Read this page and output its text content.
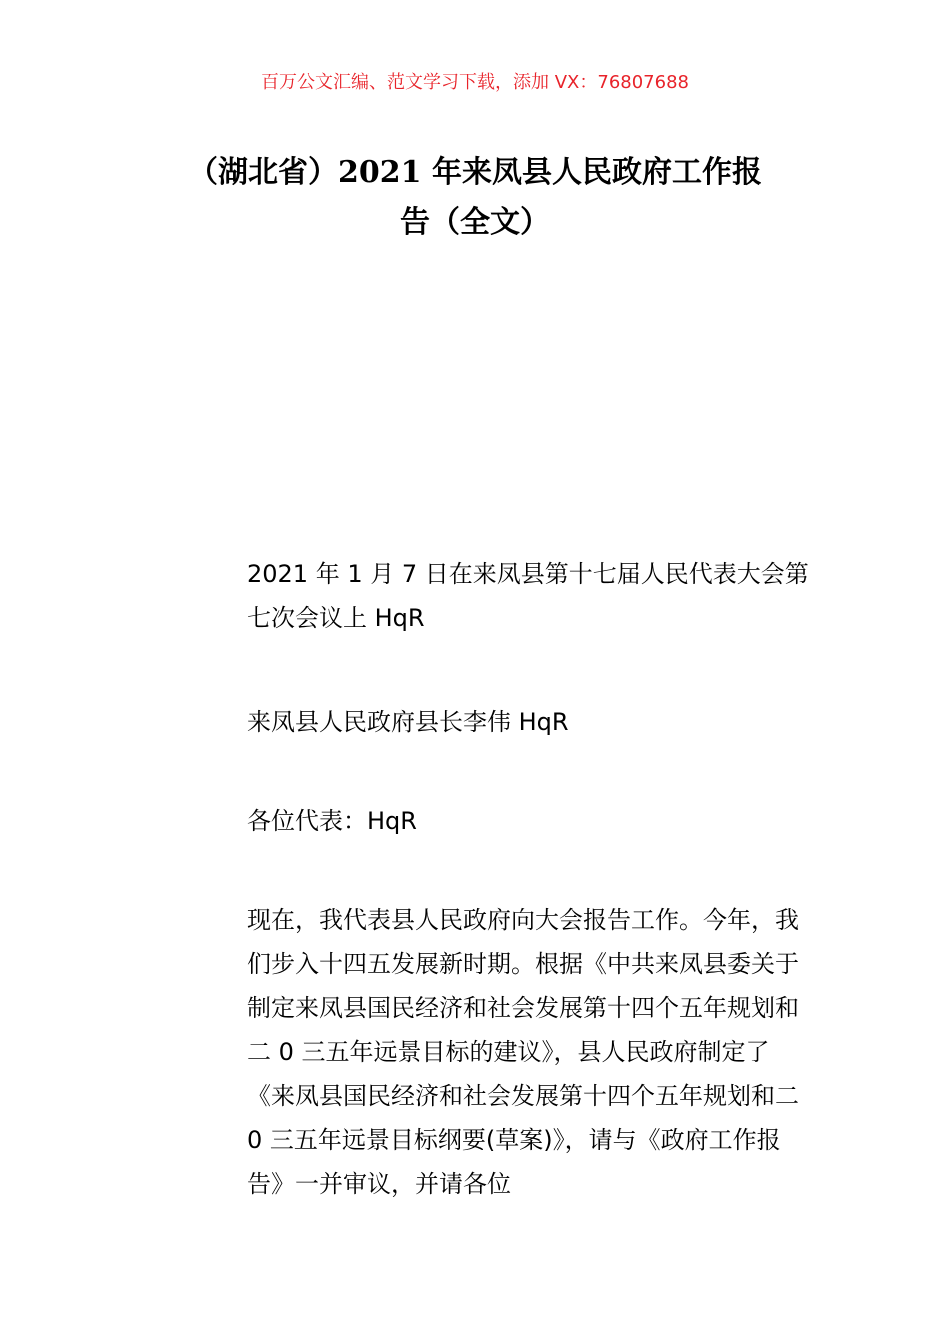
百万公文汇编、范文学习下载，添加 VX：76807688
（湖北省）2021 年来凤县人民政府工作报
告（全文）

2021 年 1 月 7 日在来凤县第十七届人民代表大会第七次会议上 HqR

来凤县人民政府县长李伟 HqR

各位代表：HqR

现在，我代表县人民政府向大会报告工作。今年，我们步入十四五发展新时期。根据《中共来凤县委关于制定来凤县国民经济和社会发展第十四个五年规划和二 0 三五年远景目标的建议》，县人民政府制定了《来凤县国民经济和社会发展第十四个五年规划和二 0 三五年远景目标纲要(草案)》，请与《政府工作报告》一并审议，并请各位
